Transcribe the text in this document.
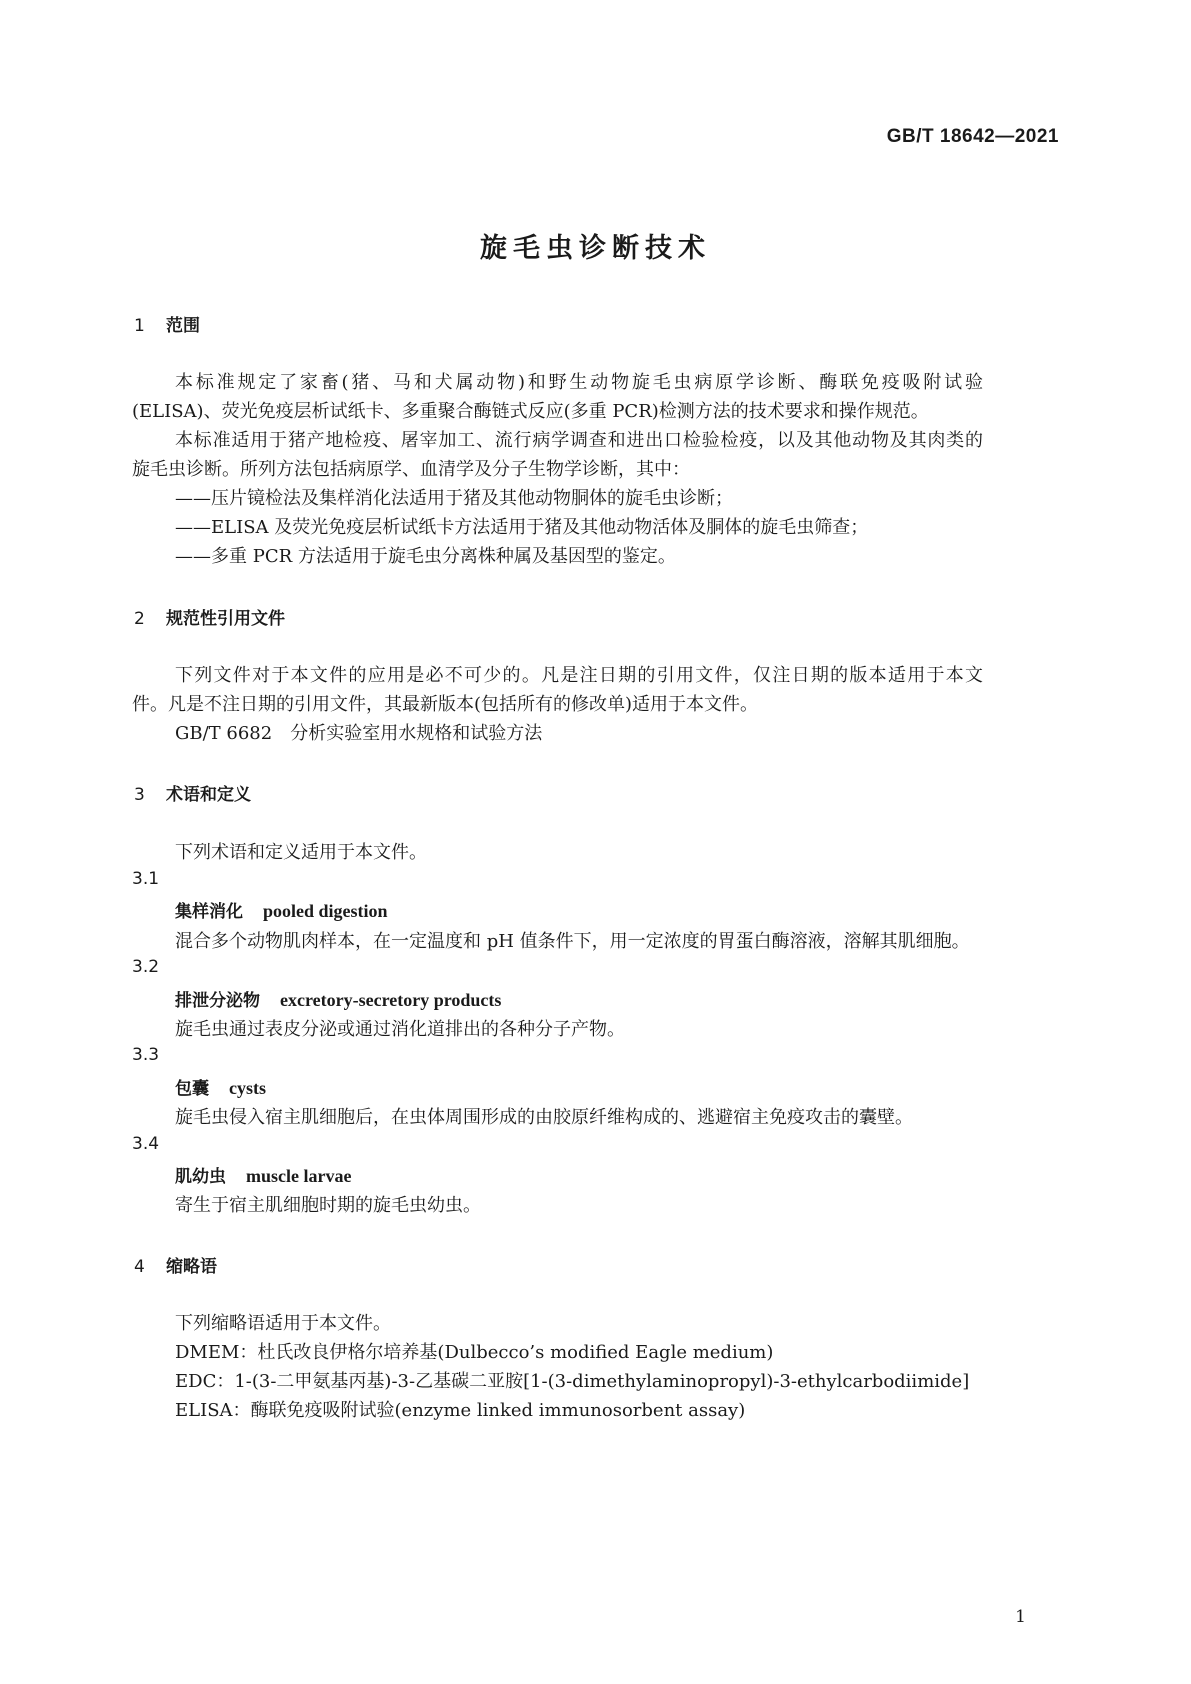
GB/T 18642—2021
旋毛虫诊断技术
1 范围
本标准规定了家畜(猪、马和犬属动物)和野生动物旋毛虫病原学诊断、酶联免疫吸附试验
(ELISA)、荧光免疫层析试纸卡、多重聚合酶链式反应(多重 PCR)检测方法的技术要求和操作规范。
本标准适用于猪产地检疫、屠宰加工、流行病学调查和进出口检验检疫，以及其他动物及其肉类的
旋毛虫诊断。所列方法包括病原学、血清学及分子生物学诊断，其中：
——压片镜检法及集样消化法适用于猪及其他动物胴体的旋毛虫诊断；
——ELISA 及荧光免疫层析试纸卡方法适用于猪及其他动物活体及胴体的旋毛虫筛查；
——多重 PCR 方法适用于旋毛虫分离株种属及基因型的鉴定。
2 规范性引用文件
下列文件对于本文件的应用是必不可少的。凡是注日期的引用文件，仅注日期的版本适用于本文
件。凡是不注日期的引用文件，其最新版本(包括所有的修改单)适用于本文件。
GB/T 6682　分析实验室用水规格和试验方法
3 术语和定义
下列术语和定义适用于本文件。
3.1
集样消化 pooled digestion
混合多个动物肌肉样本，在一定温度和 pH 值条件下，用一定浓度的胃蛋白酶溶液，溶解其肌细胞。
3.2
排泄分泌物 excretory-secretory products
旋毛虫通过表皮分泌或通过消化道排出的各种分子产物。
3.3
包囊 cysts
旋毛虫侵入宿主肌细胞后，在虫体周围形成的由胶原纤维构成的、逃避宿主免疫攻击的囊壁。
3.4
肌幼虫 muscle larvae
寄生于宿主肌细胞时期的旋毛虫幼虫。
4 缩略语
下列缩略语适用于本文件。
DMEM：杜氏改良伊格尔培养基(Dulbecco’s modified Eagle medium)
EDC：1-(3-二甲氨基丙基)-3-乙基碳二亚胺[1-(3-dimethylaminopropyl)-3-ethylcarbodiimide]
ELISA：酶联免疫吸附试验(enzyme linked immunosorbent assay)
1
